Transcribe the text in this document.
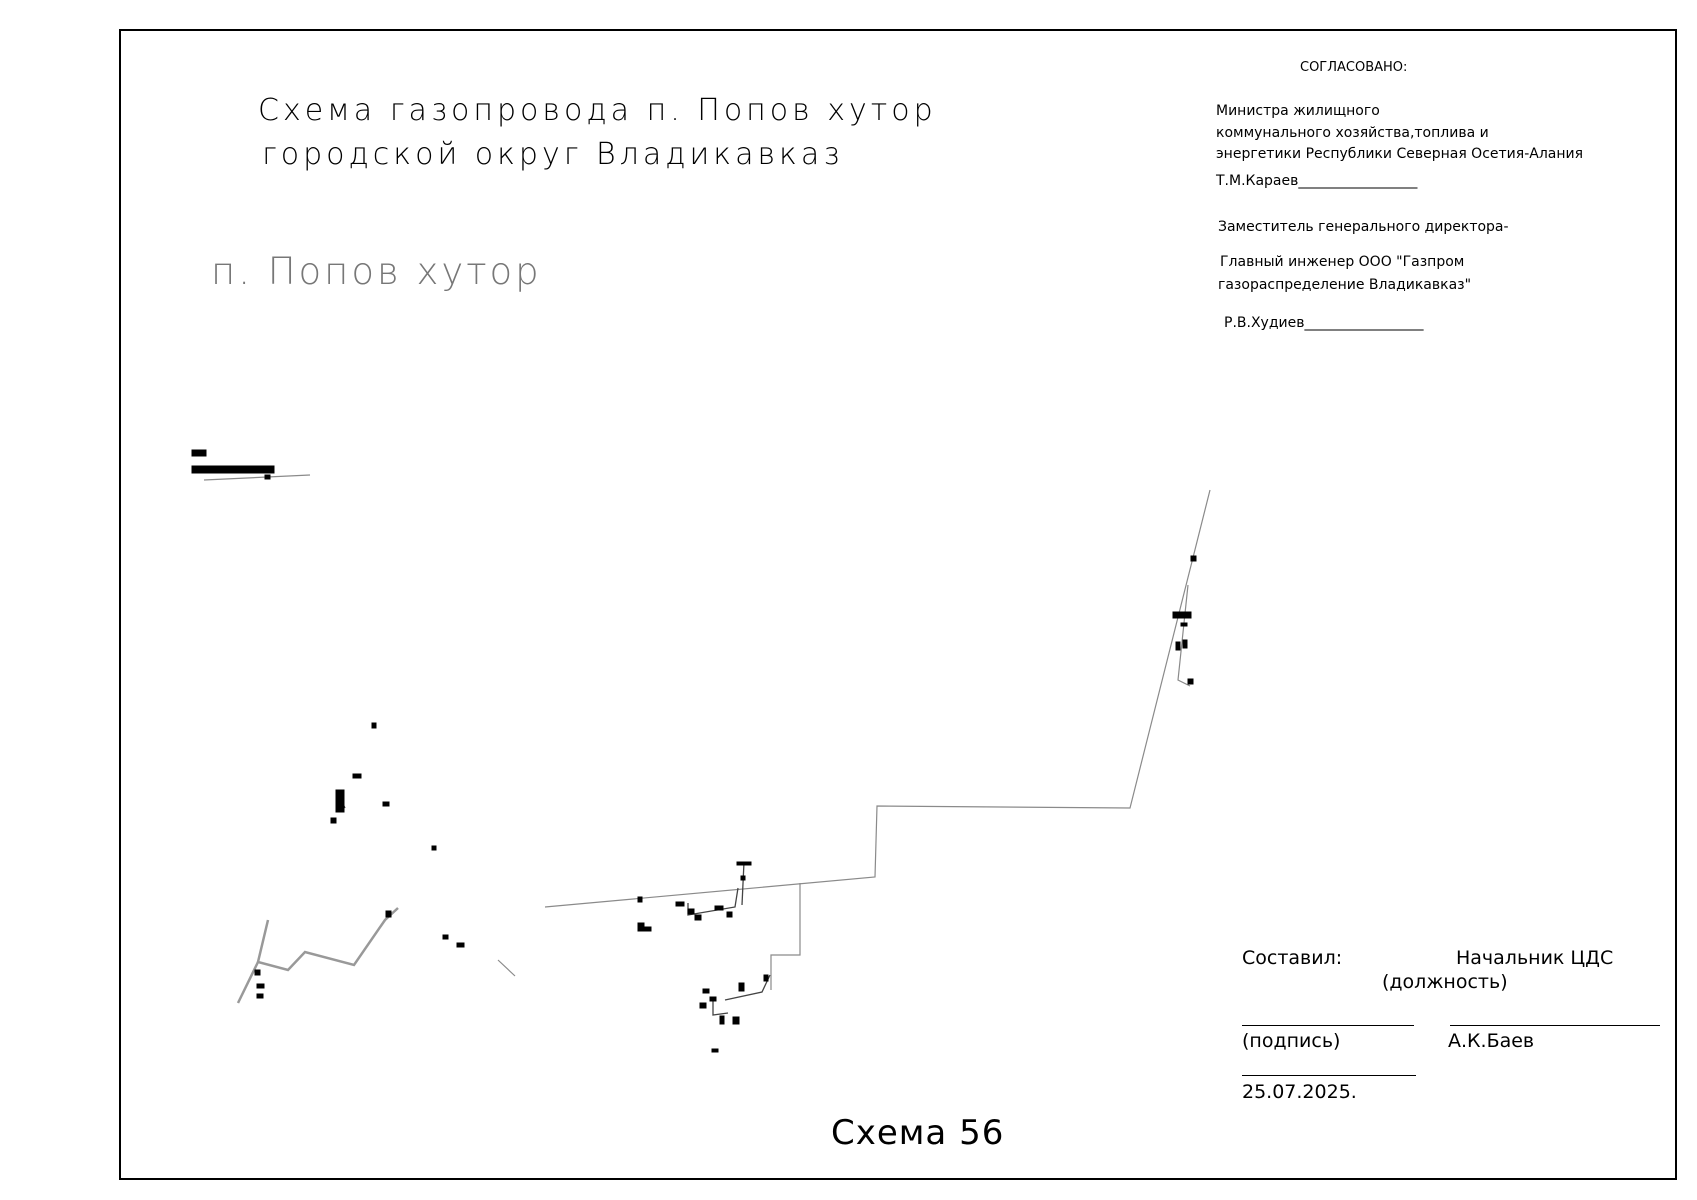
Схема газопровода п. Попов хутор
городской округ Владикавказ
п. Попов хутор
СОГЛАСОВАНО:
Министра жилищного
коммунального хозяйства,топлива и
энергетики Республики Северная Осетия-Алания
Т.М.Караев_________________
Заместитель генерального директора-
Главный инженер ООО "Газпром
газораспределение Владикавказ"
Р.В.Худиев_________________
Составил:	Начальник ЦДС
(должность)
(подпись)	А.К.Баев
25.07.2025.
Схема 56
